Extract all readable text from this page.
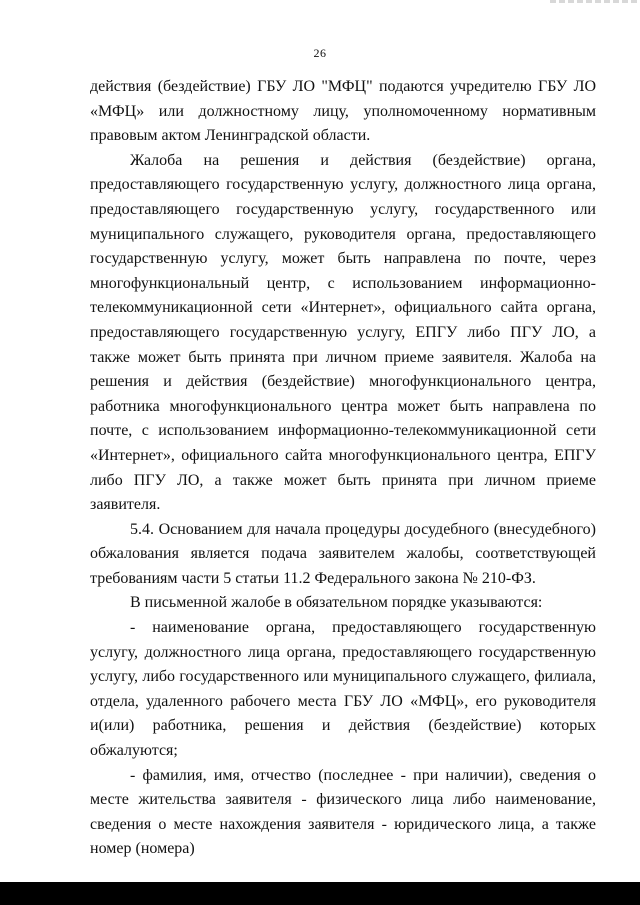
26

действия (бездействие) ГБУ ЛО "МФЦ" подаются учредителю ГБУ ЛО «МФЦ» или должностному лицу, уполномоченному нормативным правовым актом Ленинградской области.

Жалоба на решения и действия (бездействие) органа, предоставляющего государственную услугу, должностного лица органа, предоставляющего государственную услугу, государственного или муниципального служащего, руководителя органа, предоставляющего государственную услугу, может быть направлена по почте, через многофункциональный центр, с использованием информационно-телекоммуникационной сети «Интернет», официального сайта органа, предоставляющего государственную услугу, ЕПГУ либо ПГУ ЛО, а также может быть принята при личном приеме заявителя. Жалоба на решения и действия (бездействие) многофункционального центра, работника многофункционального центра может быть направлена по почте, с использованием информационно-телекоммуникационной сети «Интернет», официального сайта многофункционального центра, ЕПГУ либо ПГУ ЛО, а также может быть принята при личном приеме заявителя.

5.4. Основанием для начала процедуры досудебного (внесудебного) обжалования является подача заявителем жалобы, соответствующей требованиям части 5 статьи 11.2 Федерального закона № 210-ФЗ.

В письменной жалобе в обязательном порядке указываются:

- наименование органа, предоставляющего государственную услугу, должностного лица органа, предоставляющего государственную услугу, либо государственного или муниципального служащего, филиала, отдела, удаленного рабочего места ГБУ ЛО «МФЦ», его руководителя и(или) работника, решения и действия (бездействие) которых обжалуются;

- фамилия, имя, отчество (последнее - при наличии), сведения о месте жительства заявителя - физического лица либо наименование, сведения о месте нахождения заявителя - юридического лица, а также номер (номера)
